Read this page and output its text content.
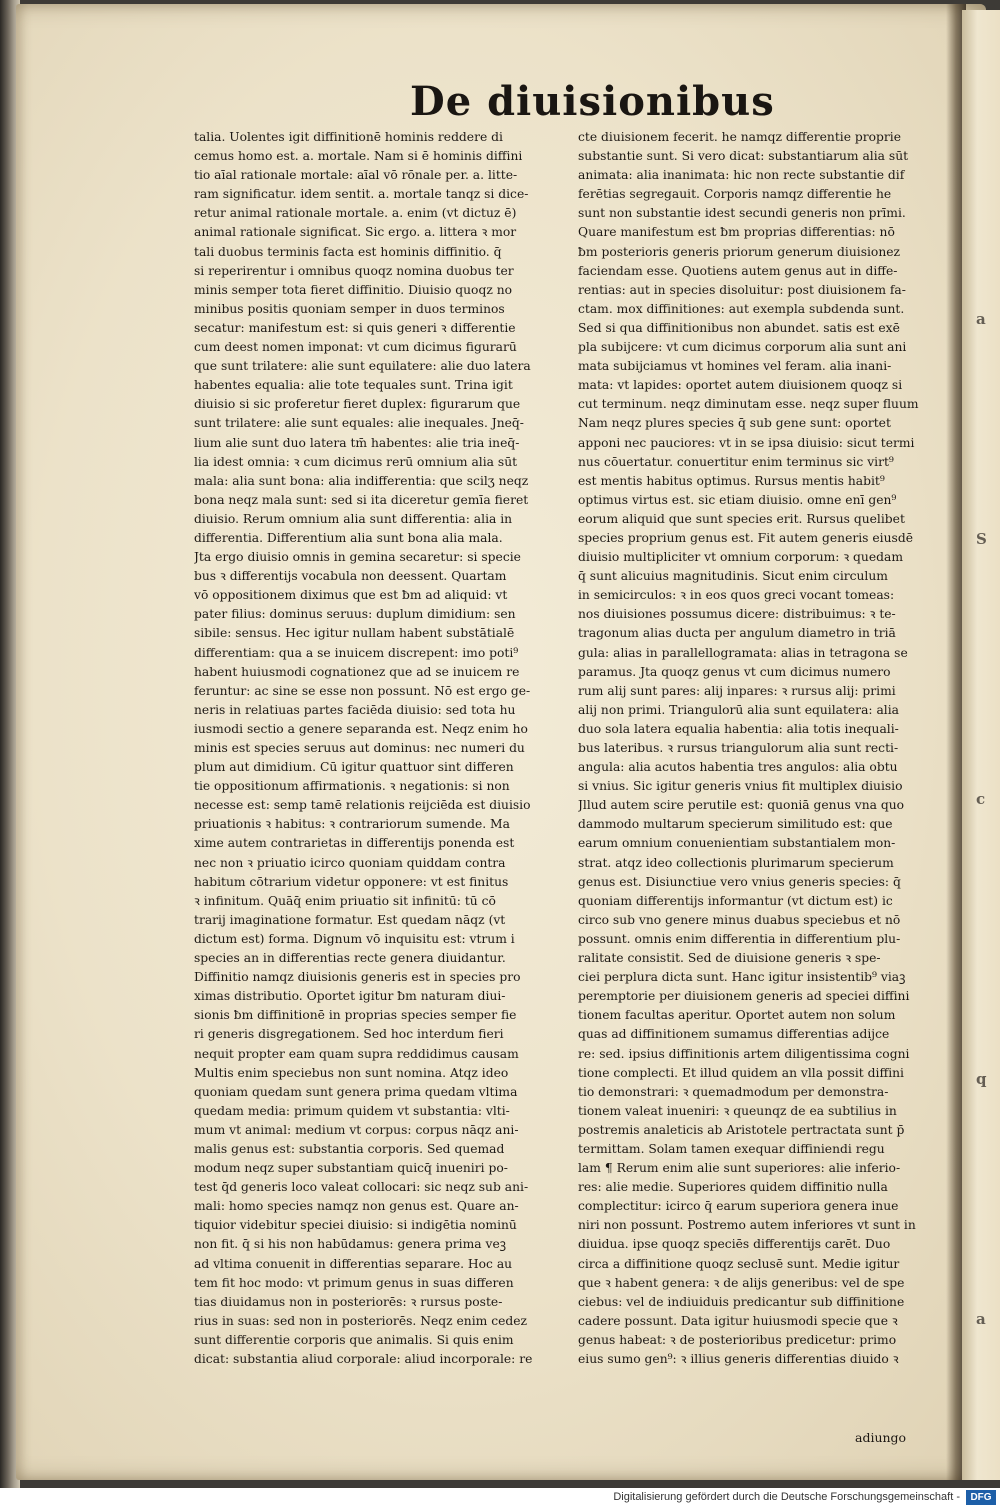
a
S
c
q
a
De diuisionibus
talia. Uolentes igit diffinitionē hominis reddere di
cemus homo est. a. mortale. Nam si ē hominis diffini
tio aīal rationale mortale: aīal vō rōnale per. a. litte-
ram significatur. idem sentit. a. mortale tanqz si dice-
retur animal rationale mortale. a. enim (vt dictuz ē)
animal rationale significat. Sic ergo. a. littera ꝛ mor
tali duobus terminis facta est hominis diffinitio. q̄
si reperirentur i omnibus quoqz nomina duobus ter
minis semper tota fieret diffinitio. Diuisio quoqz no
minibus positis quoniam semper in duos terminos
secatur: manifestum est: si quis generi ꝛ differentie
cum deest nomen imponat: vt cum dicimus figurarū
que sunt trilatere: alie sunt equilatere: alie duo latera
habentes equalia: alie tote tequales sunt. Trina igit
diuisio si sic proferetur fieret duplex: figurarum que
sunt trilatere: alie sunt equales: alie inequales. Jneq̄-
lium alie sunt duo latera tm̄ habentes: alie tria ineq̄-
lia idest omnia: ꝛ cum dicimus rerū omnium alia sūt
mala: alia sunt bona: alia indifferentia: que scilʒ neqz
bona neqz mala sunt: sed si ita diceretur gemīa fieret
diuisio. Rerum omnium alia sunt differentia: alia in
differentia. Differentium alia sunt bona alia mala.
Jta ergo diuisio omnis in gemina secaretur: si specie
bus ꝛ differentijs vocabula non deessent. Quartam
vō oppositionem diximus que est ƀm ad aliquid: vt
pater filius: dominus seruus: duplum dimidium: sen
sibile: sensus. Hec igitur nullam habent substātialē
differentiam: qua a se inuicem discrepent: imo poti⁹
habent huiusmodi cognationez que ad se inuicem re
feruntur: ac sine se esse non possunt. Nō est ergo ge-
neris in relatiuas partes faciēda diuisio: sed tota hu
iusmodi sectio a genere separanda est. Neqz enim ho
minis est species seruus aut dominus: nec numeri du
plum aut dimidium. Cū igitur quattuor sint differen
tie oppositionum affirmationis. ꝛ negationis: si non
necesse est: semp tamē relationis reijciēda est diuisio
priuationis ꝛ habitus: ꝛ contrariorum sumende. Ma
xime autem contrarietas in differentijs ponenda est
nec non ꝛ priuatio icirco quoniam quiddam contra
habitum cōtrarium videtur opponere: vt est finitus
ꝛ infinitum. Quāq̄ enim priuatio sit infinitū: tū cō
trarij imaginatione formatur. Est quedam nāqz (vt
dictum est) forma. Dignum vō inquisitu est: vtrum i
species an in differentias recte genera diuidantur.
Diffinitio namqz diuisionis generis est in species pro
ximas distributio. Oportet igitur ƀm naturam diui-
sionis ƀm diffinitionē in proprias species semper fie
ri generis disgregationem. Sed hoc interdum fieri
nequit propter eam quam supra reddidimus causam
Multis enim speciebus non sunt nomina. Atqz ideo
quoniam quedam sunt genera prima quedam vltima
quedam media: primum quidem vt substantia: vlti-
mum vt animal: medium vt corpus: corpus nāqz ani-
malis genus est: substantia corporis. Sed quemad
modum neqz super substantiam quicq̄ inueniri po-
test q̄d generis loco valeat collocari: sic neqz sub ani-
mali: homo species namqz non genus est. Quare an-
tiquior videbitur speciei diuisio: si indigētia nominū
non fit. q̄ si his non habūdamus: genera prima veꝫ
ad vltima conuenit in differentias separare. Hoc au
tem fit hoc modo: vt primum genus in suas differen
tias diuidamus non in posteriorēs: ꝛ rursus poste-
rius in suas: sed non in posteriorēs. Neqz enim cedez
sunt differentie corporis que animalis. Si quis enim
dicat: substantia aliud corporale: aliud incorporale: re
cte diuisionem fecerit. he namqz differentie proprie
substantie sunt. Si vero dicat: substantiarum alia sūt
animata: alia inanimata: hic non recte substantie dif
ferētias segregauit. Corporis namqz differentie he
sunt non substantie idest secundi generis non prīmi.
Quare manifestum est ƀm proprias differentias: nō
ƀm posterioris generis priorum generum diuisionez
faciendam esse. Quotiens autem genus aut in diffe-
rentias: aut in species disoluitur: post diuisionem fa-
ctam. mox diffinitiones: aut exempla subdenda sunt.
Sed si qua diffinitionibus non abundet. satis est exē
pla subijcere: vt cum dicimus corporum alia sunt ani
mata subijciamus vt homines vel feram. alia inani-
mata: vt lapides: oportet autem diuisionem quoqz si
cut terminum. neqz diminutam esse. neqz super fluum
Nam neqz plures species q̄ sub gene sunt: oportet
apponi nec pauciores: vt in se ipsa diuisio: sicut termi
nus cōuertatur. conuertitur enim terminus sic virt⁹
est mentis habitus optimus. Rursus mentis habit⁹
optimus virtus est. sic etiam diuisio. omne enī gen⁹
eorum aliquid que sunt species erit. Rursus quelibet
species proprium genus est. Fit autem generis eiusdē
diuisio multipliciter vt omnium corporum: ꝛ quedam
q̄ sunt alicuius magnitudinis. Sicut enim circulum
in semicirculos: ꝛ in eos quos greci vocant tomeas:
nos diuisiones possumus dicere: distribuimus: ꝛ te-
tragonum alias ducta per angulum diametro in triā
gula: alias in parallellogramata: alias in tetragona se
paramus. Jta quoqz genus vt cum dicimus numero
rum alij sunt pares: alij inpares: ꝛ rursus alij: primi
alij non primi. Triangulorū alia sunt equilatera: alia
duo sola latera equalia habentia: alia totis inequali-
bus lateribus. ꝛ rursus triangulorum alia sunt recti-
angula: alia acutos habentia tres angulos: alia obtu
si vnius. Sic igitur generis vnius fit multiplex diuisio
Jllud autem scire perutile est: quoniā genus vna quo
dammodo multarum specierum similitudo est: que
earum omnium conuenientiam substantialem mon-
strat. atqz ideo collectionis plurimarum specierum
genus est. Disiunctiue vero vnius generis species: q̄
quoniam differentijs informantur (vt dictum est) ic
circo sub vno genere minus duabus speciebus et nō
possunt. omnis enim differentia in differentium plu-
ralitate consistit. Sed de diuisione generis ꝛ spe-
ciei perplura dicta sunt. Hanc igitur insistentib⁹ viaꝫ
peremptorie per diuisionem generis ad speciei diffini
tionem facultas aperitur. Oportet autem non solum
quas ad diffinitionem sumamus differentias adijce
re: sed. ipsius diffinitionis artem diligentissima cogni
tione complecti. Et illud quidem an vlla possit diffini
tio demonstrari: ꝛ quemadmodum per demonstra-
tionem valeat inueniri: ꝛ queunqz de ea subtilius in
postremis analeticis ab Aristotele pertractata sunt p̄
termittam. Solam tamen exequar diffiniendi regu
lam ¶ Rerum enim alie sunt superiores: alie inferio-
res: alie medie. Superiores quidem diffinitio nulla
complectitur: icirco q̄ earum superiora genera inue
niri non possunt. Postremo autem inferiores vt sunt in
diuidua. ipse quoqz speciēs differentijs carēt. Duo
circa a diffinitione quoqz seclusē sunt. Medie igitur
que ꝛ habent genera: ꝛ de alijs generibus: vel de spe
ciebus: vel de indiuiduis predicantur sub diffinitione
cadere possunt. Data igitur huiusmodi specie que ꝛ
genus habeat: ꝛ de posterioribus predicetur: primo
eius sumo gen⁹: ꝛ illius generis differentias diuido ꝛ
adiungo
Digitalisierung gefördert durch die Deutsche Forschungsgemeinschaft -	DFG
